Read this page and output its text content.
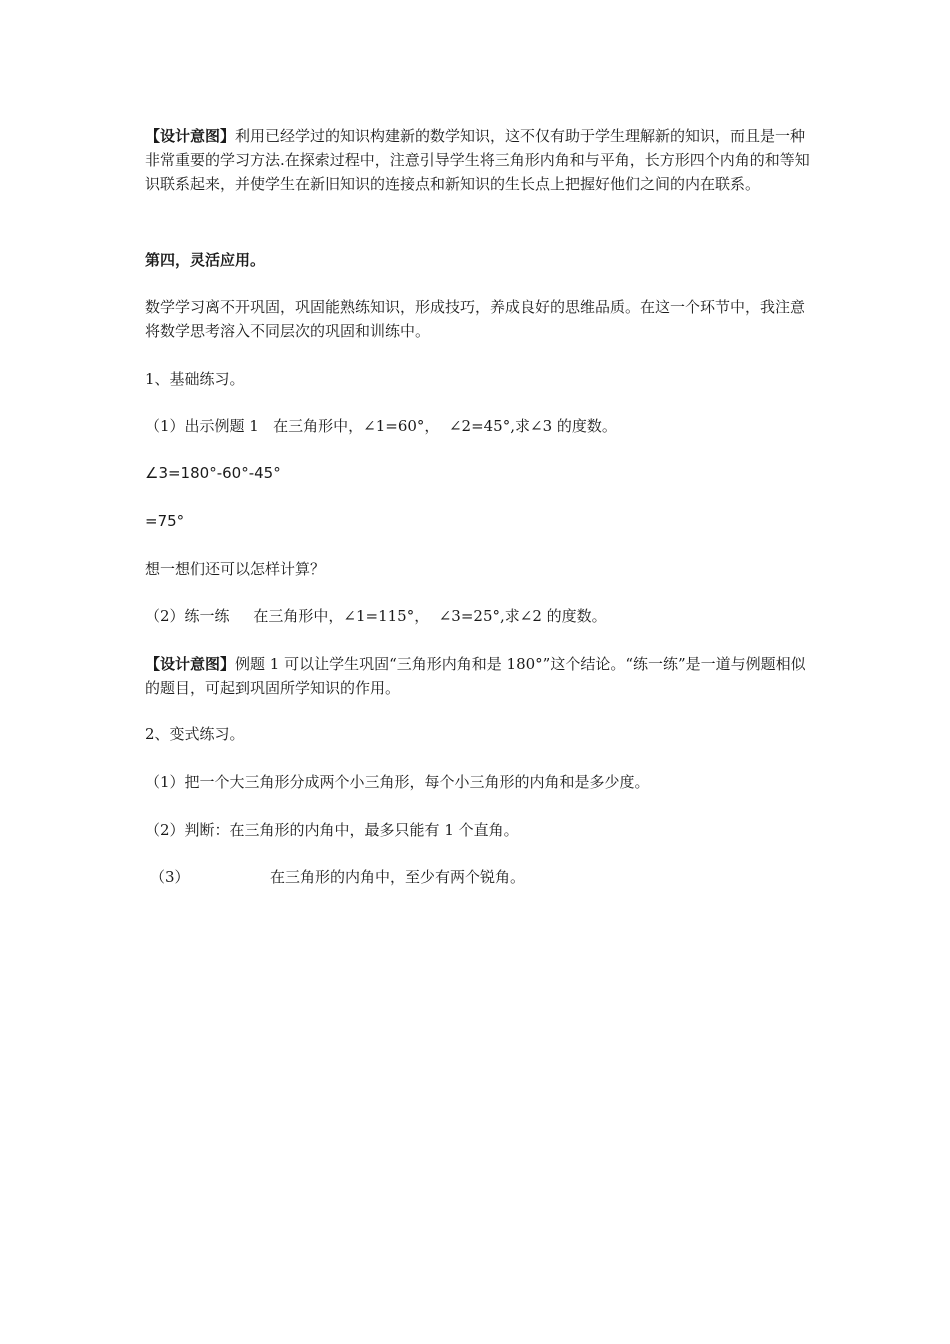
【设计意图】利用已经学过的知识构建新的数学知识，这不仅有助于学生理解新的知识，而且是一种非常重要的学习方法.在探索过程中，注意引导学生将三角形内角和与平角，长方形四个内角的和等知识联系起来，并使学生在新旧知识的连接点和新知识的生长点上把握好他们之间的内在联系。

第四，灵活应用。

数学学习离不开巩固，巩固能熟练知识，形成技巧，养成良好的思维品质。在这一个环节中，我注意将数学思考溶入不同层次的巩固和训练中。

1、基础练习。

（1）出示例题 1   在三角形中，∠1=60°，  ∠2=45°,求∠3 的度数。

∠3=180°-60°-45°

=75°

想一想们还可以怎样计算？

（2）练一练     在三角形中，∠1=115°，  ∠3=25°,求∠2 的度数。

【设计意图】例题 1 可以让学生巩固“三角形内角和是 180°”这个结论。“练一练”是一道与例题相似的题目，可起到巩固所学知识的作用。

2、变式练习。

（1）把一个大三角形分成两个小三角形，每个小三角形的内角和是多少度。

（2）判断：在三角形的内角中，最多只能有 1 个直角。

（3）	在三角形的内角中，至少有两个锐角。
